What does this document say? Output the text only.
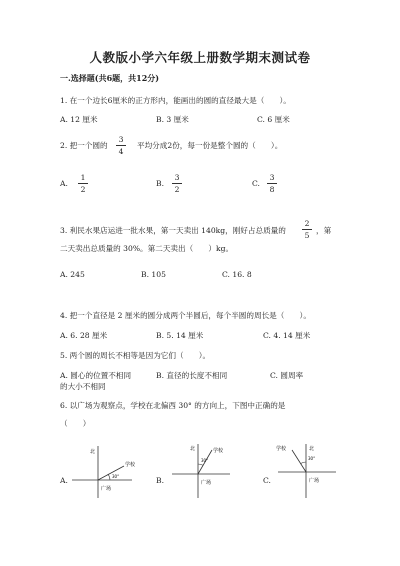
人教版小学六年级上册数学期末测试卷
一.选择题(共6题，共12分)
1. 在一个边长6厘米的正方形内，能画出的圆的直径最大是（　　）。
A. 12 厘米	B. 3 厘米	C. 6 厘米
2. 把一个圆的
3
4
平均分成2份，每一份是整个圆的（　　）。
A.
1
2
B.
3
2
C.
3
8
3. 利民水果店运进一批水果，第一天卖出 140kg，刚好占总质量的
2
5
，第
二天卖出总质量的 30%。第二天卖出（　　）kg。
A. 245	B. 105	C. 16. 8
4. 把一个直径是 2 厘米的圆分成两个半圆后，每个半圆的周长是（　　）。
A. 6. 28 厘米	B. 5. 14 厘米	C. 4. 14 厘米
5. 两个圆的周长不相等是因为它们（　　）。
A. 圆心的位置不相同	B. 直径的长度不相同	C. 圆周率
的大小不相同
6. 以广场为观察点，学校在北偏西 30° 的方向上，下图中正确的是
（　　）
A.	B.	C.
北
学校
30°
广场
北	学校
30°
广场
北
学校
30°
广场
